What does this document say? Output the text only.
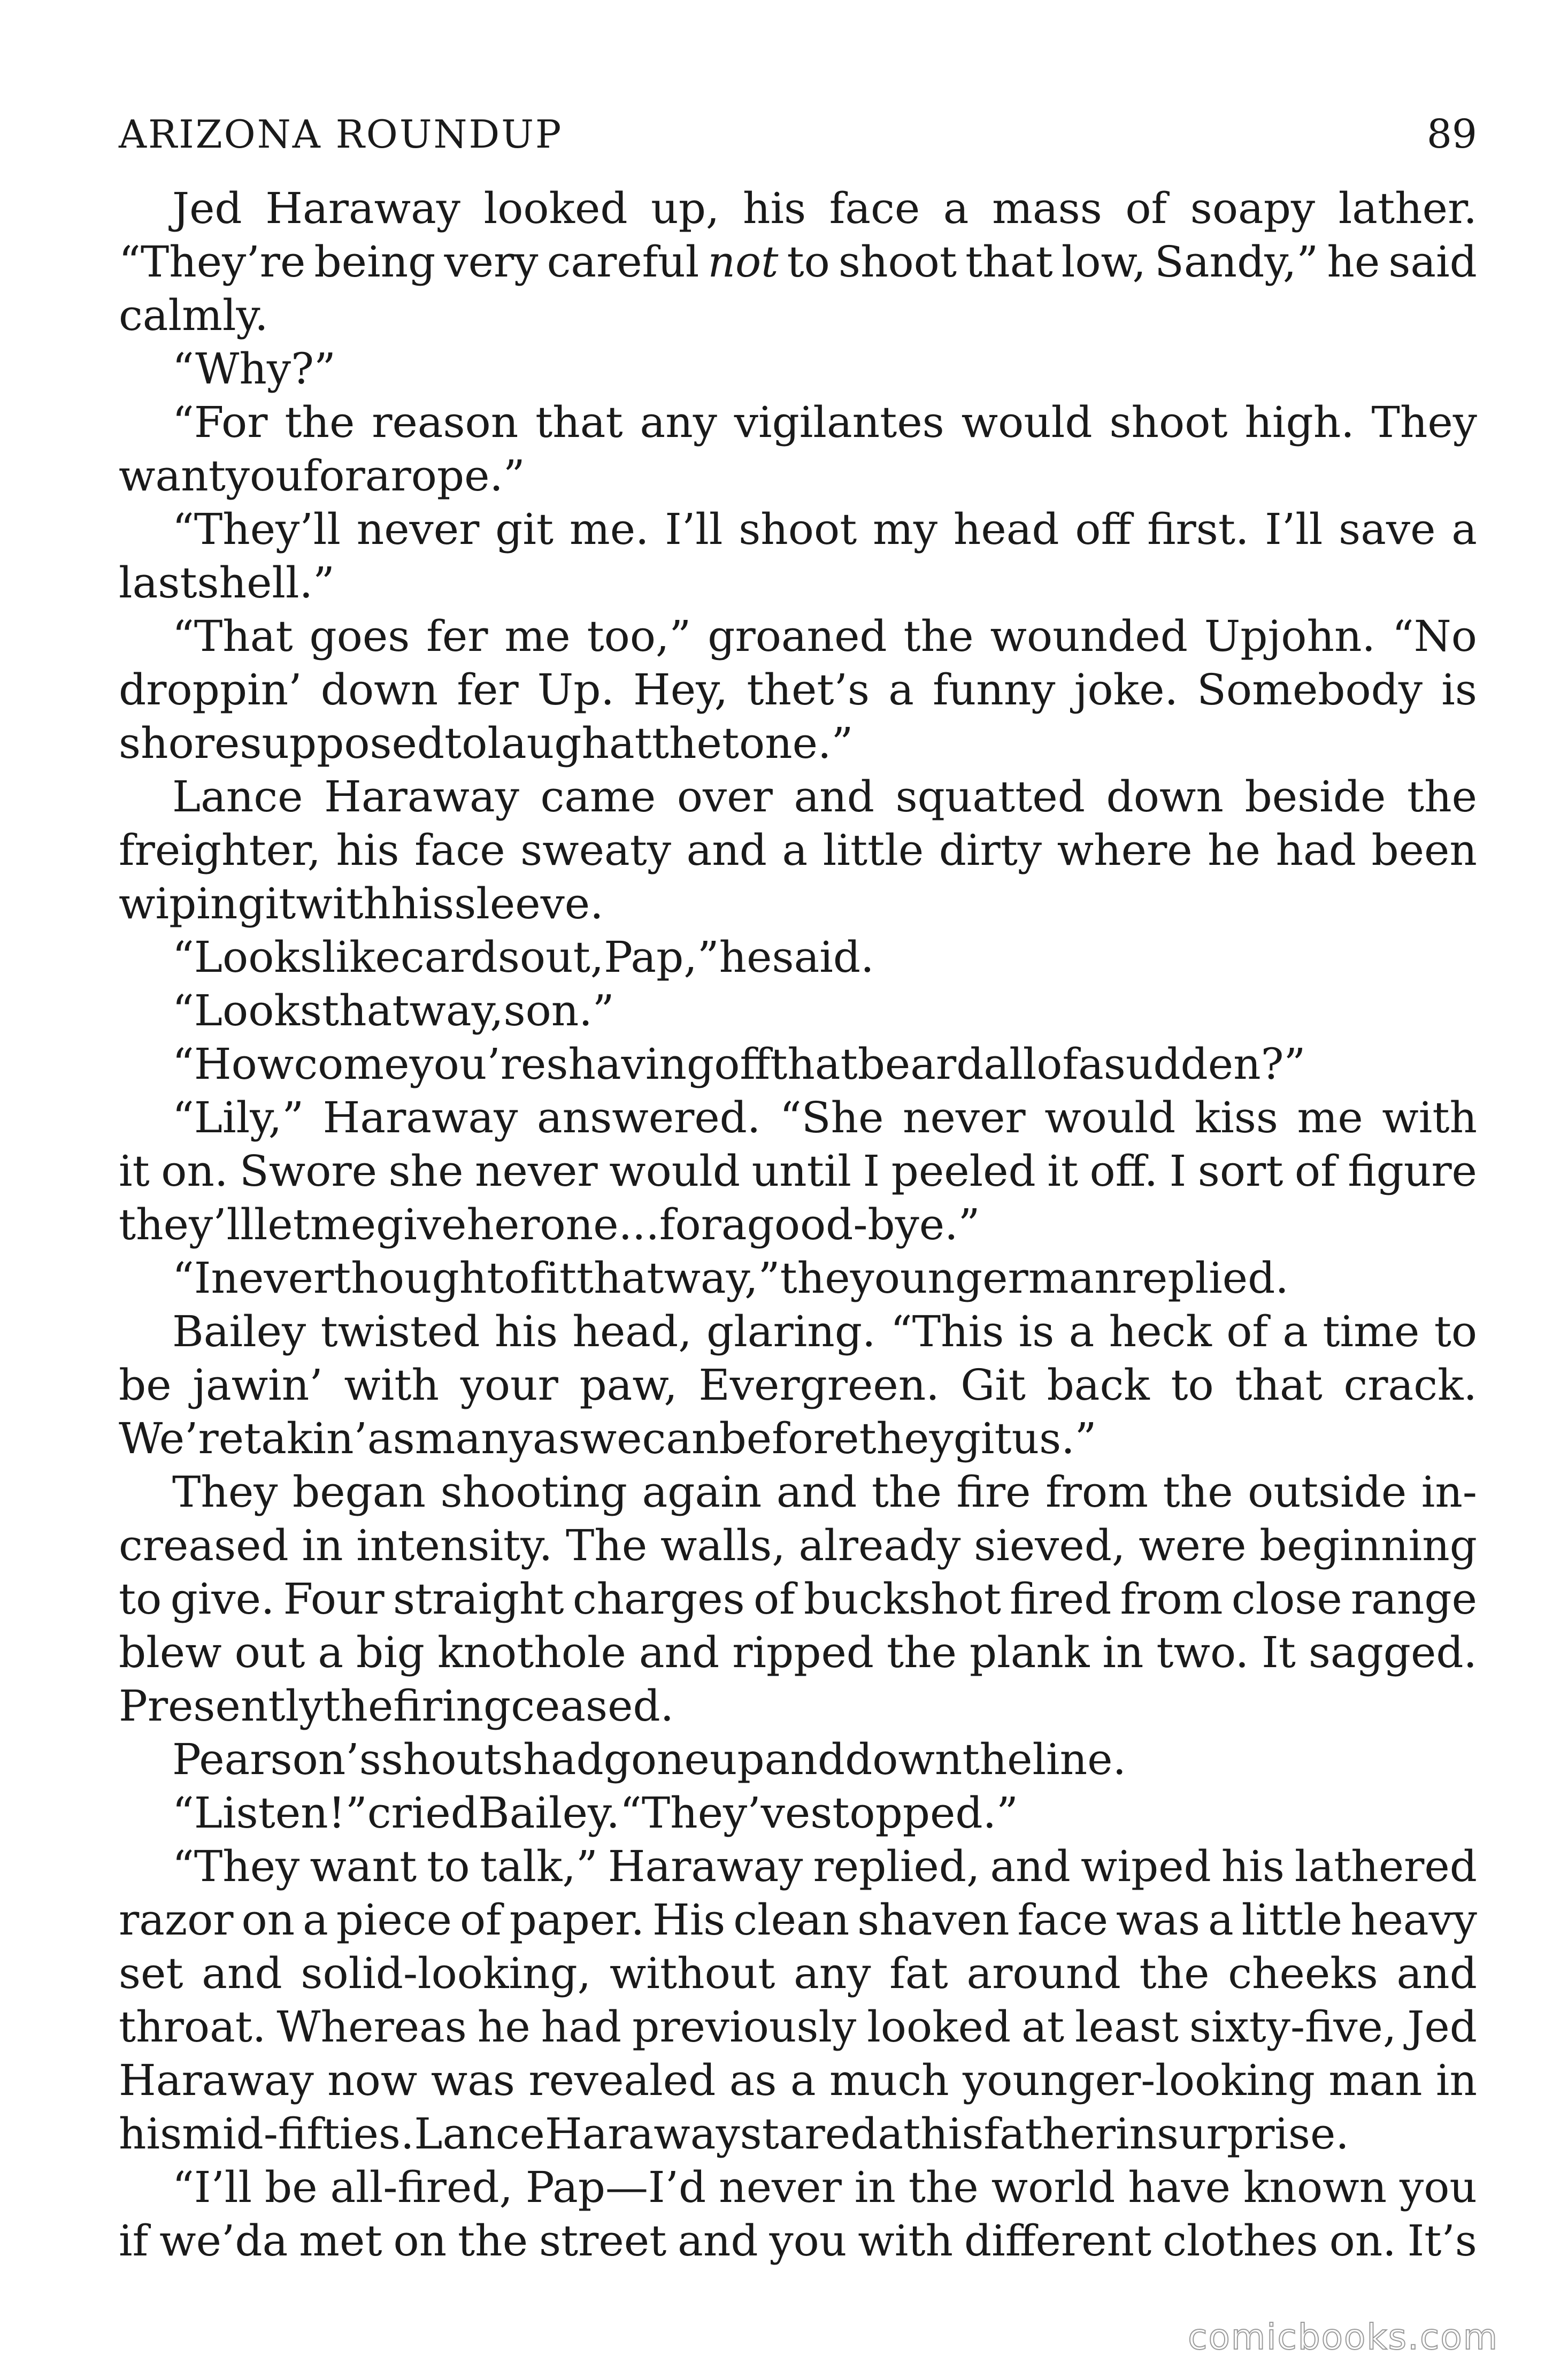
ARIZONA ROUNDUP	89
Jed Haraway looked up, his face a mass of soapy lather.
“They’re being very careful not to shoot that low, Sandy,” he said
calmly.
“Why?”
“For the reason that any vigilantes would shoot high. They
want you for a rope.”
“They’ll never git me. I’ll shoot my head off first. I’ll save a
last shell.”
“That goes fer me too,” groaned the wounded Upjohn. “No
droppin’ down fer Up. Hey, thet’s a funny joke. Somebody is
shore supposed to laugh at thet one.”
Lance Haraway came over and squatted down beside the
freighter, his face sweaty and a little dirty where he had been
wiping it with his sleeve.
“Looks like cards out, Pap,” he said.
“Looks that way, son.”
“How come you’re shaving off that beard all of a sudden?”
“Lily,” Haraway answered. “She never would kiss me with
it on. Swore she never would until I peeled it off. I sort of figure
they’ll let me give her one . . . for a good-bye.”
“I never thought of it that way,” the younger man replied.
Bailey twisted his head, glaring. “This is a heck of a time to
be jawin’ with your paw, Evergreen. Git back to that crack.
We’re takin’ as many as we can before they git us.”
They began shooting again and the fire from the outside in-
creased in intensity. The walls, already sieved, were beginning
to give. Four straight charges of buckshot fired from close range
blew out a big knothole and ripped the plank in two. It sagged.
Presently the firing ceased.
Pearson’s shouts had gone up and down the line.
“Listen!” cried Bailey. “They’ve stopped.”
“They want to talk,” Haraway replied, and wiped his lathered
razor on a piece of paper. His clean shaven face was a little heavy
set and solid-looking, without any fat around the cheeks and
throat. Whereas he had previously looked at least sixty-five, Jed
Haraway now was revealed as a much younger-looking man in
his mid-fifties. Lance Haraway stared at his father in surprise.
“I’ll be all-fired, Pap—I’d never in the world have known you
if we’da met on the street and you with different clothes on. It’s
comicbooks.com
